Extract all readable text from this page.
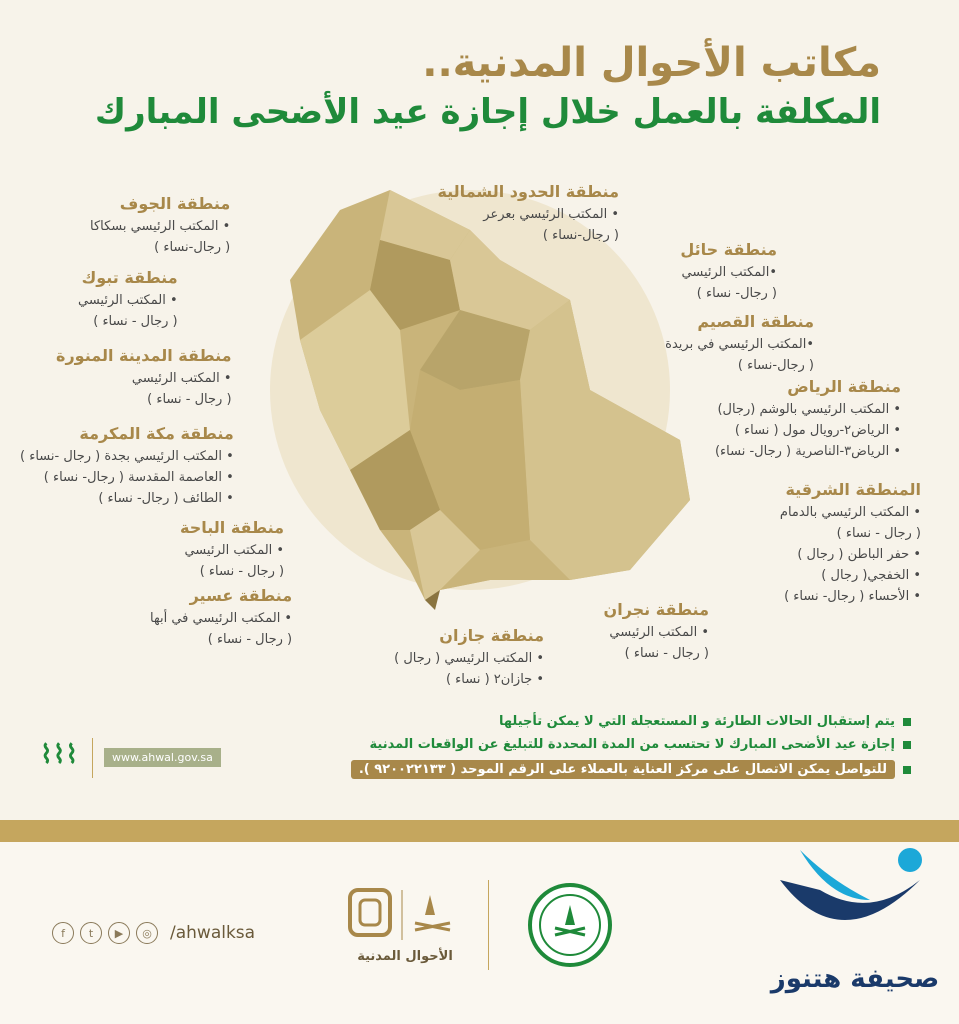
مكاتب الأحوال المدنية..
المكلفة بالعمل خلال إجازة عيد الأضحى المبارك
منطقة الحدود الشمالية
• المكتب الرئيسي بعرعر
( رجال-نساء )
منطقة حائل
•المكتب الرئيسي
( رجال- نساء )
منطقة القصيم
•المكتب الرئيسي في بريدة
( رجال-نساء )
منطقة الرياض
• المكتب الرئيسي بالوشم (رجال)
• الرياض٢-رويال مول ( نساء )
• الرياض٣-الناصرية ( رجال- نساء)
المنطقة الشرقية
• المكتب الرئيسي بالدمام
( رجال - نساء )
• حفر الباطن ( رجال )
• الخفجي( رجال )
• الأحساء ( رجال- نساء )
منطقة نجران
• المكتب الرئيسي
( رجال - نساء )
منطقة جازان
• المكتب الرئيسي ( رجال )
• جازان٢ ( نساء )
منطقة الجوف
• المكتب الرئيسي بسكاكا
( رجال-نساء )
منطقة تبوك
• المكتب الرئيسي
( رجال - نساء )
منطقة المدينة المنورة
• المكتب الرئيسي
( رجال - نساء )
منطقة مكة المكرمة
• المكتب الرئيسي بجدة ( رجال -نساء )
• العاصمة المقدسة ( رجال- نساء )
• الطائف ( رجال- نساء )
منطقة الباحة
• المكتب الرئيسي
( رجال - نساء )
منطقة عسير
• المكتب الرئيسي في أبها
( رجال - نساء )
يتم إستقبال الحالات الطارئة و المستعجلة التي لا يمكن تأجيلها
إجازة عيد الأضحى المبارك لا تحتسب من المدة المحددة للتبليغ عن الواقعات المدنية
للتواصل يمكن الاتصال على مركز العناية بالعملاء على الرقم الموحد ( ٩٢٠٠٢٢١٣٣ ).
www.ahwal.gov.sa
⌇⌇⌇
f	t	▶	◎	/ahwalksa
الأحوال المدنية
صحيفة هتنوز
